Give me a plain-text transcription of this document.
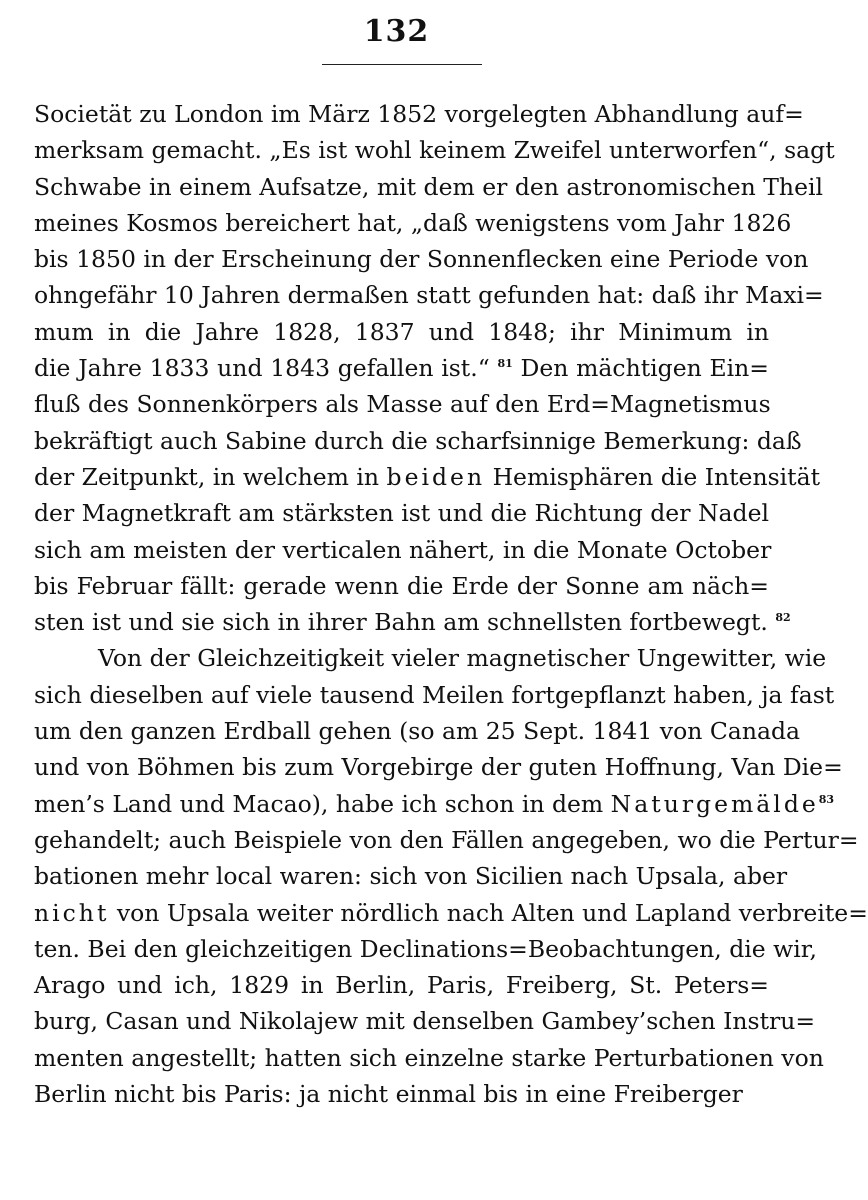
132
Societät zu London im März 1852 vorgelegten Abhandlung auf=
merksam gemacht. „Es ist wohl keinem Zweifel unterworfen“, sagt
Schwabe in einem Aufsatze, mit dem er den astronomischen Theil
meines Kosmos bereichert hat, „daß wenigstens vom Jahr 1826
bis 1850 in der Erscheinung der Sonnenflecken eine Periode von
ohngefähr 10 Jahren dermaßen statt gefunden hat: daß ihr Maxi=
mum in die Jahre 1828, 1837 und 1848; ihr Minimum in
die Jahre 1833 und 1843 gefallen ist.“ $^{81}$ Den mächtigen Ein=
fluß des Sonnenkörpers als Masse auf den Erd=Magnetismus
bekräftigt auch Sabine durch die scharfsinnige Bemerkung: daß
der Zeitpunkt, in welchem in beiden Hemisphären die Intensität
der Magnetkraft am stärksten ist und die Richtung der Nadel
sich am meisten der verticalen nähert, in die Monate October
bis Februar fällt: gerade wenn die Erde der Sonne am näch=
sten ist und sie sich in ihrer Bahn am schnellsten fortbewegt. $^{82}$
Von der Gleichzeitigkeit vieler magnetischer Ungewitter, wie
sich dieselben auf viele tausend Meilen fortgepflanzt haben, ja fast
um den ganzen Erdball gehen (so am 25 Sept. 1841 von Canada
und von Böhmen bis zum Vorgebirge der guten Hoffnung, Van Die=
men’s Land und Macao), habe ich schon in dem Naturgemälde$^{83}$
gehandelt; auch Beispiele von den Fällen angegeben, wo die Pertur=
bationen mehr local waren: sich von Sicilien nach Upsala, aber
nicht von Upsala weiter nördlich nach Alten und Lapland verbreite=
ten. Bei den gleichzeitigen Declinations=Beobachtungen, die wir,
Arago und ich, 1829 in Berlin, Paris, Freiberg, St. Peters=
burg, Casan und Nikolajew mit denselben Gambey’schen Instru=
menten angestellt; hatten sich einzelne starke Perturbationen von
Berlin nicht bis Paris: ja nicht einmal bis in eine Freiberger
